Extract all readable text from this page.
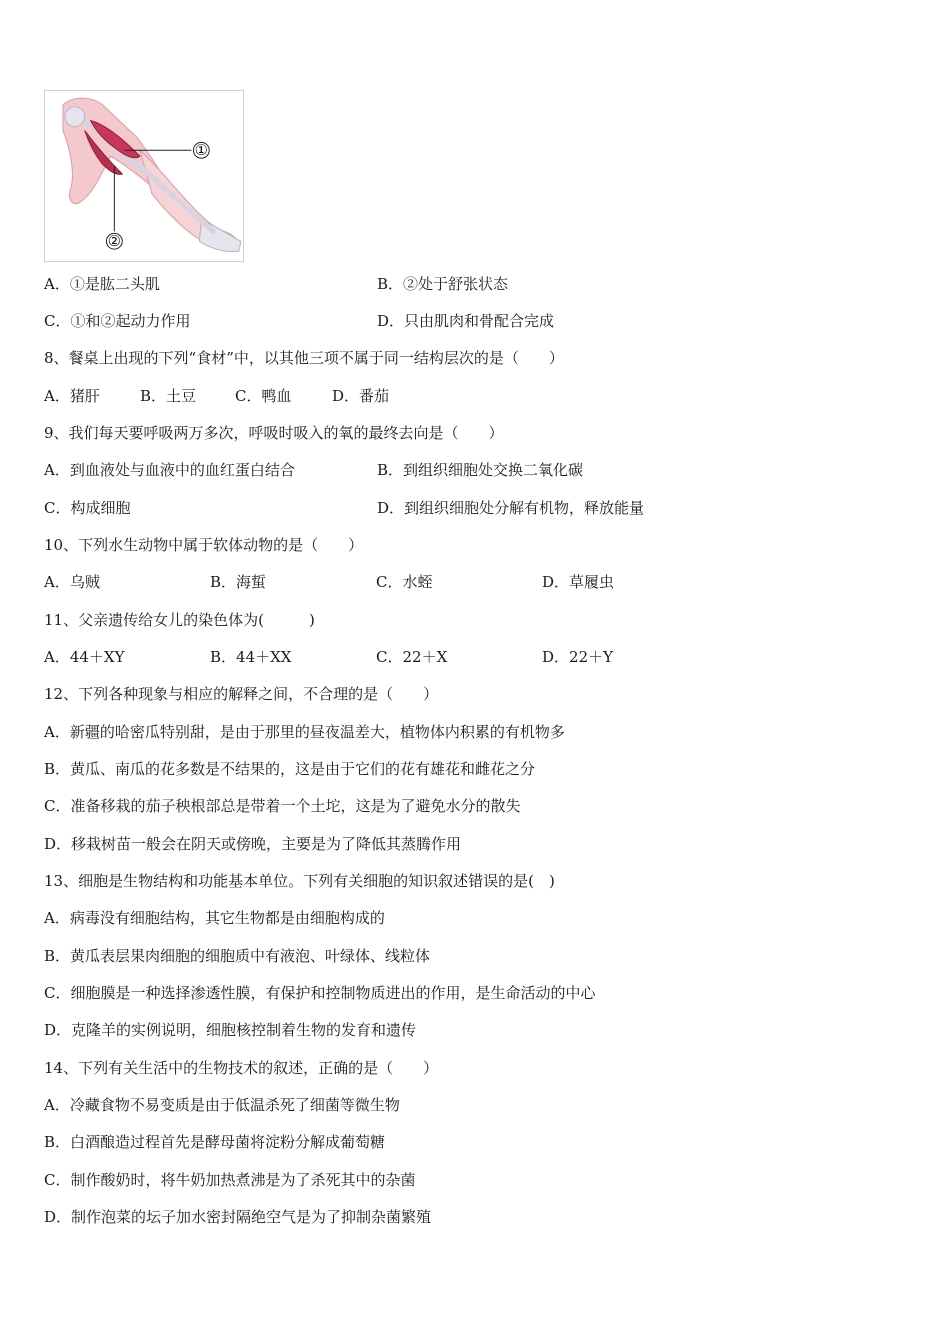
①
②
A．①是肱二头肌	B．②处于舒张状态
C．①和②起动力作用	D．只由肌肉和骨配合完成
8、餐桌上出现的下列“食材”中，以其他三项不属于同一结构层次的是（　　）
A．猪肝	B．土豆	C．鸭血	D．番茄
9、我们每天要呼吸两万多次，呼吸时吸入的氧的最终去向是（　　）
A．到血液处与血液中的血红蛋白结合	B．到组织细胞处交换二氧化碳
C．构成细胞	D．到组织细胞处分解有机物，释放能量
10、下列水生动物中属于软体动物的是（　　）
A．乌贼	B．海蜇	C．水蛭	D．草履虫
11、父亲遗传给女儿的染色体为(　　　)
A．44＋XY	B．44＋XX	C．22＋X	D．22＋Y
12、下列各种现象与相应的解释之间，不合理的是（　　）
A．新疆的哈密瓜特别甜，是由于那里的昼夜温差大，植物体内积累的有机物多
B．黄瓜、南瓜的花多数是不结果的，这是由于它们的花有雄花和雌花之分
C．准备移栽的茄子秧根部总是带着一个土坨，这是为了避免水分的散失
D．移栽树苗一般会在阴天或傍晚，主要是为了降低其蒸腾作用
13、细胞是生物结构和功能基本单位。下列有关细胞的知识叙述错误的是(　)
A．病毒没有细胞结构，其它生物都是由细胞构成的
B．黄瓜表层果肉细胞的细胞质中有液泡、叶绿体、线粒体
C．细胞膜是一种选择渗透性膜，有保护和控制物质进出的作用，是生命活动的中心
D．克隆羊的实例说明，细胞核控制着生物的发育和遗传
14、下列有关生活中的生物技术的叙述，正确的是（　　）
A．冷藏食物不易变质是由于低温杀死了细菌等微生物
B．白酒酿造过程首先是酵母菌将淀粉分解成葡萄糖
C．制作酸奶时，将牛奶加热煮沸是为了杀死其中的杂菌
D．制作泡菜的坛子加水密封隔绝空气是为了抑制杂菌繁殖
